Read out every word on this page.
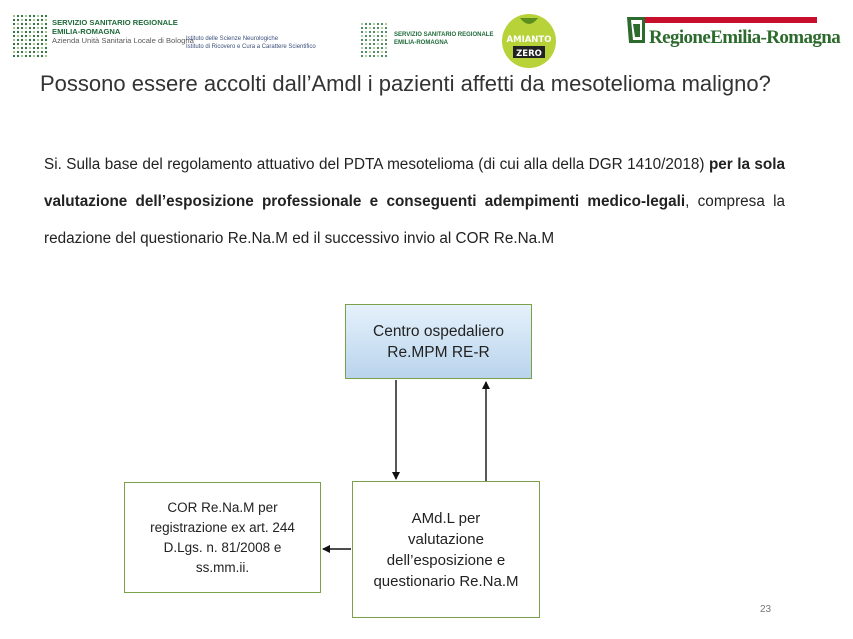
SERVIZIO SANITARIO REGIONALE
EMILIA-ROMAGNA
Azienda Unità Sanitaria Locale di Bologna
Istituto delle Scienze Neurologiche
Istituto di Ricovero e Cura a Carattere Scientifico
SERVIZIO SANITARIO REGIONALE
EMILIA-ROMAGNA	AMIANTO
ZERO
RegioneEmilia-Romagna
Possono essere accolti dall’Amdl i pazienti affetti da mesotelioma maligno?
Si. Sulla base del regolamento attuativo del PDTA mesotelioma (di cui alla della DGR 1410/2018) per la sola valutazione dell’esposizione professionale e conseguenti adempimenti medico-legali, compresa la redazione del questionario Re.Na.M ed il successivo invio al COR Re.Na.M
Centro ospedaliero
Re.MPM RE-R
COR Re.Na.M per
registrazione ex art. 244
D.Lgs. n. 81/2008 e
ss.mm.ii.
AMd.L per
valutazione
dell’esposizione e
questionario Re.Na.M
23
